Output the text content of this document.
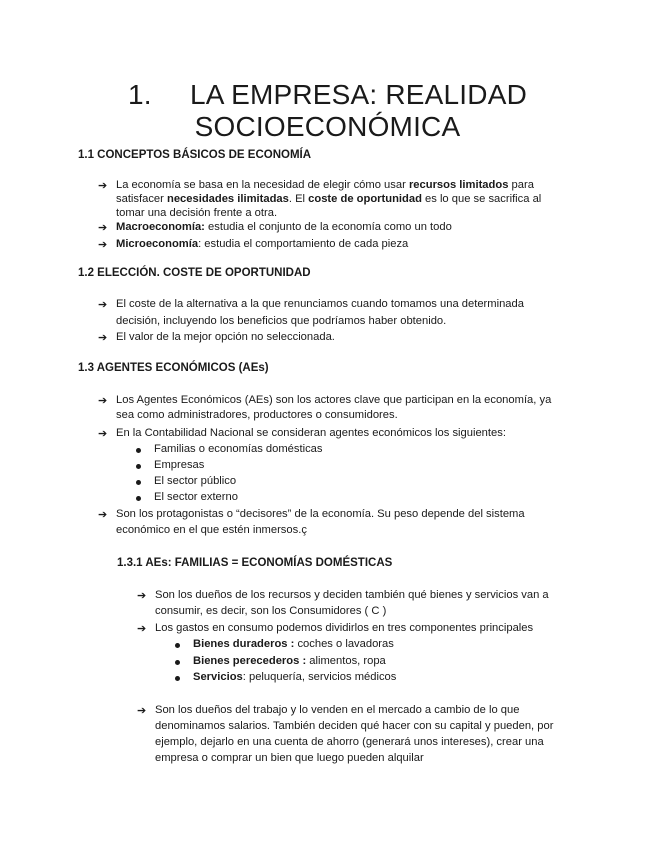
1. LA EMPRESA: REALIDAD
SOCIOECONÓMICA
1.1 CONCEPTOS BÁSICOS DE ECONOMÍA
➔ La economía se basa en la necesidad de elegir cómo usar recursos limitados para
satisfacer necesidades ilimitadas. El coste de oportunidad es lo que se sacrifica al
tomar una decisión frente a otra.
➔ Macroeconomía: estudia el conjunto de la economía como un todo
➔ Microeconomía: estudia el comportamiento de cada pieza
1.2 ELECCIÓN. COSTE DE OPORTUNIDAD
➔ El coste de la alternativa a la que renunciamos cuando tomamos una determinada
decisión, incluyendo los beneficios que podríamos haber obtenido.
➔ El valor de la mejor opción no seleccionada.
1.3 AGENTES ECONÓMICOS (AEs)
➔ Los Agentes Económicos (AEs) son los actores clave que participan en la economía, ya
sea como administradores, productores o consumidores.
➔ En la Contabilidad Nacional se consideran agentes económicos los siguientes:
Familias o economías domésticas
Empresas
El sector público
El sector externo
➔ Son los protagonistas o “decisores” de la economía. Su peso depende del sistema
económico en el que estén inmersos.ç
1.3.1 AEs: FAMILIAS = ECONOMÍAS DOMÉSTICAS
➔ Son los dueños de los recursos y deciden también qué bienes y servicios van a
consumir, es decir, son los Consumidores ( C )
➔ Los gastos en consumo podemos dividirlos en tres componentes principales
Bienes duraderos : coches o lavadoras
Bienes perecederos : alimentos, ropa
Servicios: peluquería, servicios médicos
➔ Son los dueños del trabajo y lo venden en el mercado a cambio de lo que
denominamos salarios. También deciden qué hacer con su capital y pueden, por
ejemplo, dejarlo en una cuenta de ahorro (generará unos intereses), crear una
empresa o comprar un bien que luego pueden alquilar
